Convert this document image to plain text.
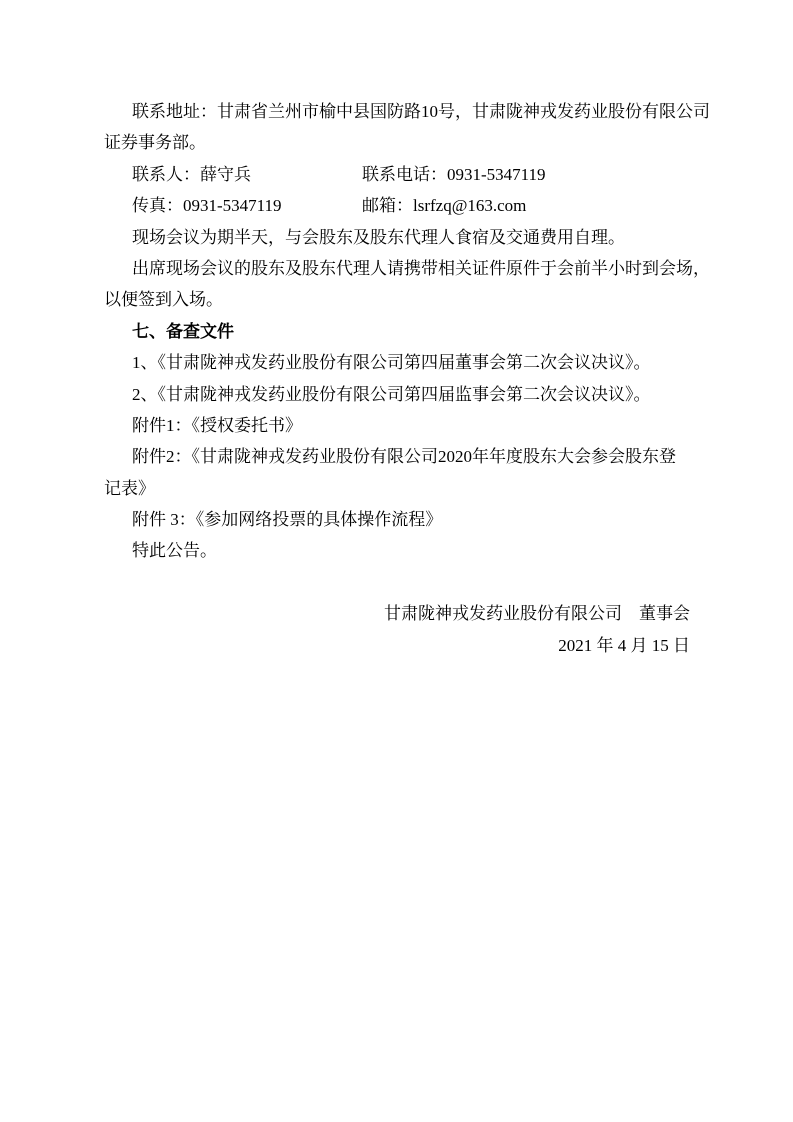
联系地址：甘肃省兰州市榆中县国防路10号，甘肃陇神戎发药业股份有限公司
证券事务部。
联系人：薛守兵	联系电话：0931-5347119
传真：0931-5347119	邮箱：lsrfzq@163.com
现场会议为期半天，与会股东及股东代理人食宿及交通费用自理。
出席现场会议的股东及股东代理人请携带相关证件原件于会前半小时到会场，
以便签到入场。
七、备查文件
1、《甘肃陇神戎发药业股份有限公司第四届董事会第二次会议决议》。
2、《甘肃陇神戎发药业股份有限公司第四届监事会第二次会议决议》。
附件1：《授权委托书》
附件2：《甘肃陇神戎发药业股份有限公司2020年年度股东大会参会股东登
记表》
附件 3：《参加网络投票的具体操作流程》
特此公告。
甘肃陇神戎发药业股份有限公司　董事会
2021 年 4 月 15 日
